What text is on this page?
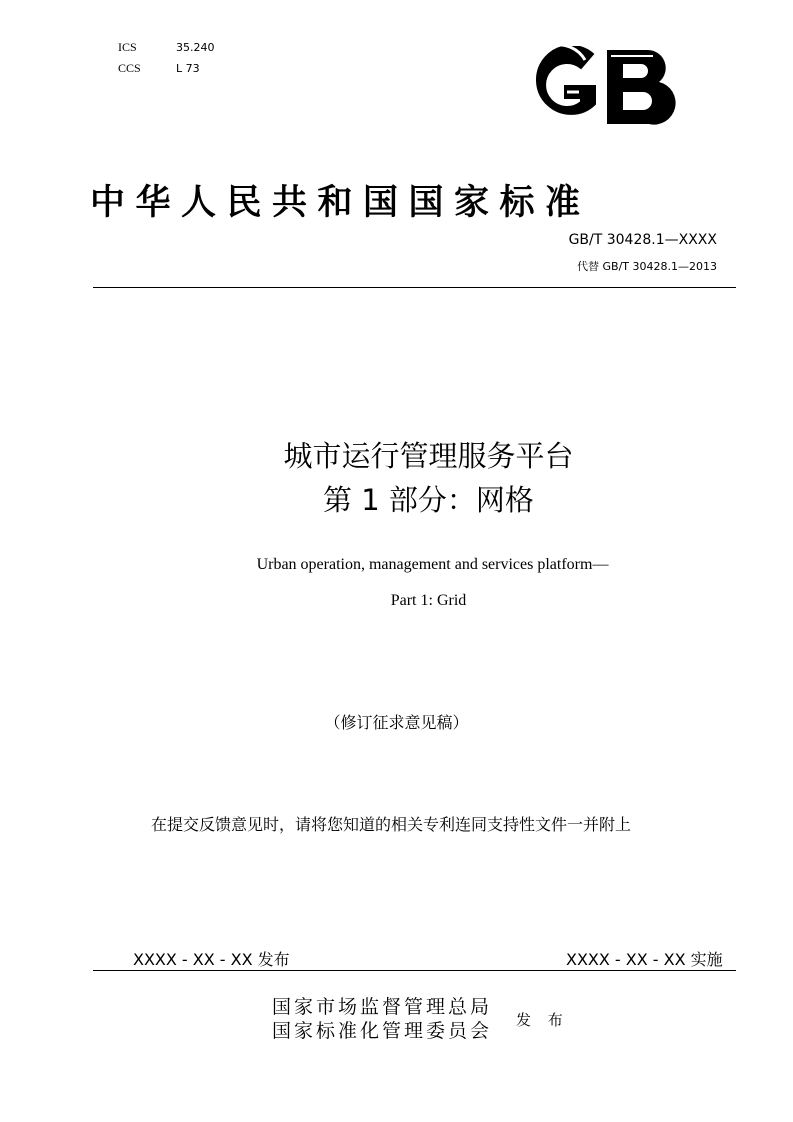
ICS	35.240
CCS	L 73
中华人民共和国国家标准
GB/T 30428.1—XXXX
代替 GB/T 30428.1—2013
城市运行管理服务平台
第 1 部分：网格
Urban operation, management and services platform—
Part 1: Grid
（修订征求意见稿）
在提交反馈意见时，请将您知道的相关专利连同支持性文件一并附上
XXXX - XX - XX 发布	XXXX - XX - XX 实施
国家市场监督管理总局
国家标准化管理委员会 发 布
